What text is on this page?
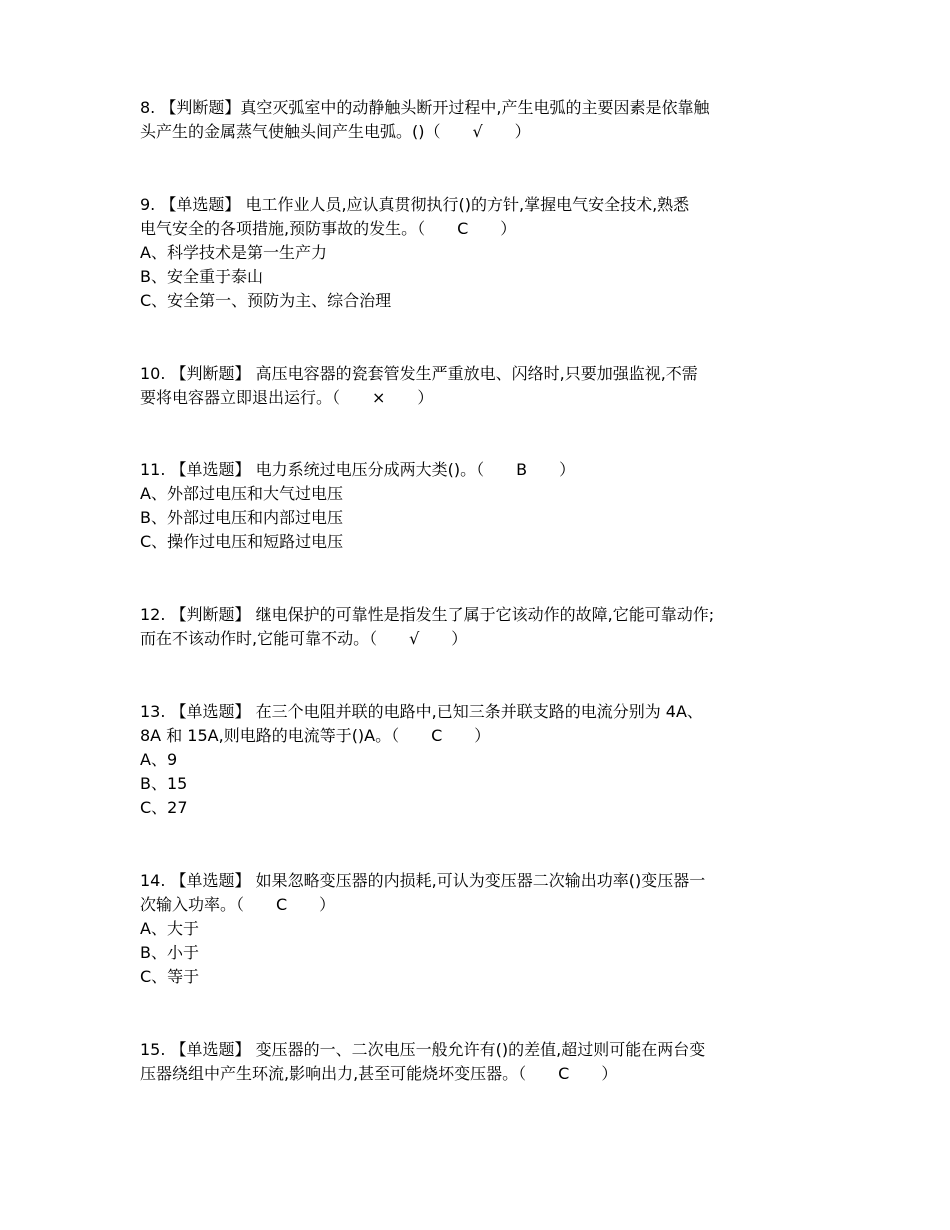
8. 【判断题】真空灭弧室中的动静触头断开过程中,产生电弧的主要因素是依靠触
头产生的金属蒸气使触头间产生电弧。()（　　√　　）
9. 【单选题】 电工作业人员,应认真贯彻执行()的方针,掌握电气安全技术,熟悉
电气安全的各项措施,预防事故的发生。（　　C　　）
A、科学技术是第一生产力
B、安全重于泰山
C、安全第一、预防为主、综合治理
10. 【判断题】 高压电容器的瓷套管发生严重放电、闪络时,只要加强监视,不需
要将电容器立即退出运行。（　　×　　）
11. 【单选题】 电力系统过电压分成两大类()。（　　B　　）
A、外部过电压和大气过电压
B、外部过电压和内部过电压
C、操作过电压和短路过电压
12. 【判断题】 继电保护的可靠性是指发生了属于它该动作的故障,它能可靠动作;
而在不该动作时,它能可靠不动。（　　√　　）
13. 【单选题】 在三个电阻并联的电路中,已知三条并联支路的电流分别为 4A、
8A 和 15A,则电路的电流等于()A。（　　C　　）
A、9
B、15
C、27
14. 【单选题】 如果忽略变压器的内损耗,可认为变压器二次输出功率()变压器一
次输入功率。（　　C　　）
A、大于
B、小于
C、等于
15. 【单选题】 变压器的一、二次电压一般允许有()的差值,超过则可能在两台变
压器绕组中产生环流,影响出力,甚至可能烧坏变压器。（　　C　　）
